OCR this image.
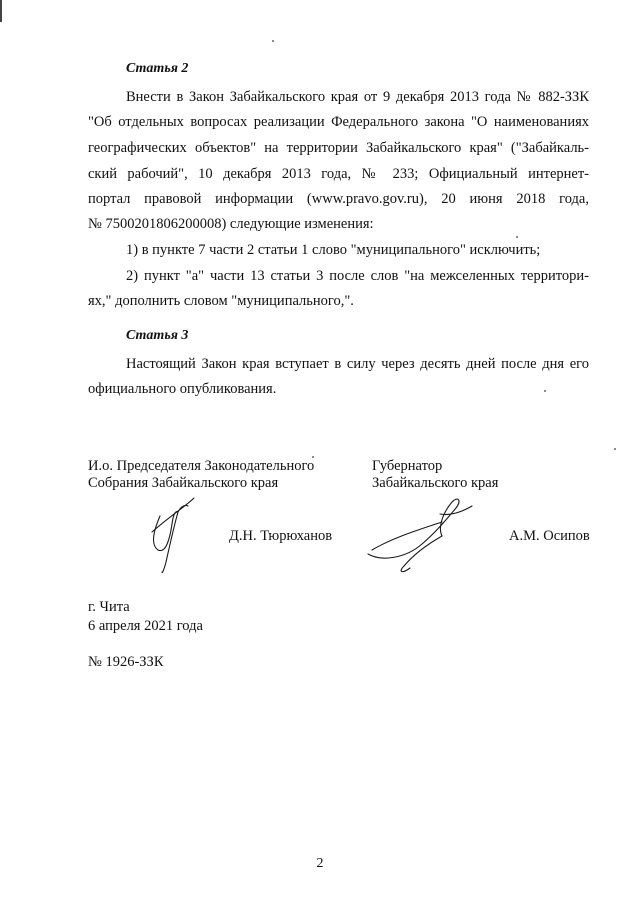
Статья 2

Внести в Закон Забайкальского края от 9 декабря 2013 года № 882-ЗЗК

"Об отдельных вопросах реализации Федерального закона "О наименованиях

географических объектов" на территории Забайкальского края" ("Забайкаль-

ский рабочий", 10 декабря 2013 года, № 233; Официальный интернет-

портал правовой информации (www.pravo.gov.ru), 20 июня 2018 года,

№ 7500201806200008) следующие изменения:

1) в пункте 7 части 2 статьи 1 слово "муниципального" исключить;

2) пункт "а" части 13 статьи 3 после слов "на межселенных территори-

ях," дополнить словом "муниципального,".

Статья 3

Настоящий Закон края вступает в силу через десять дней после дня его

официального опубликования.

И.о. Председателя Законодательного

Собрания Забайкальского края

Д.Н. Тюрюханов

Губернатор

Забайкальского края

А.М. Осипов

г. Чита

6 апреля 2021 года

№ 1926-ЗЗК

2
